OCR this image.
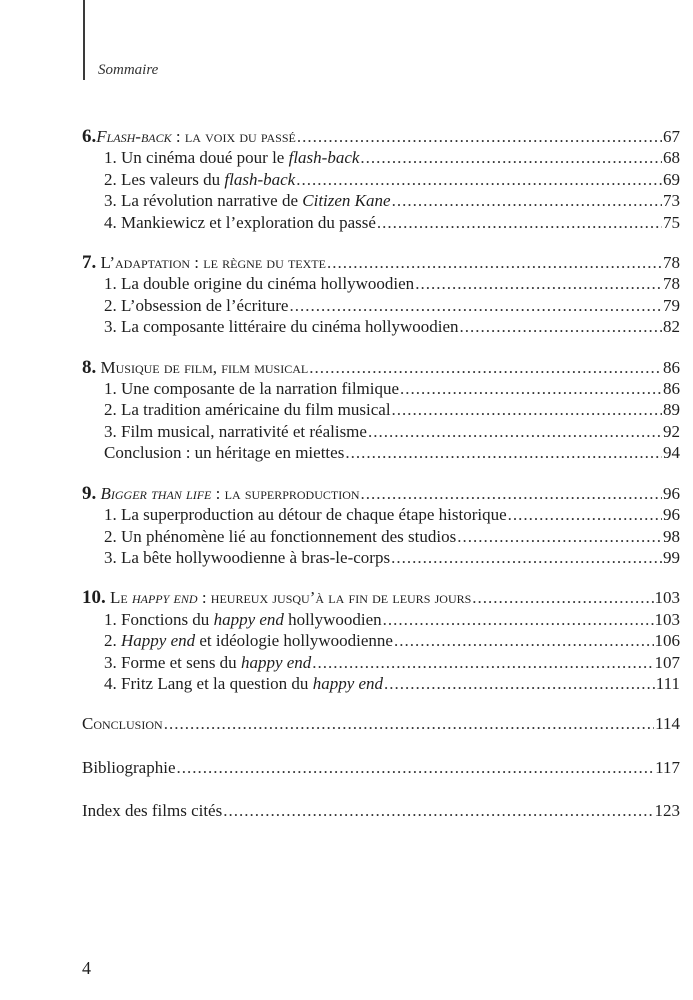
Sommaire
6.Flash-back : la voix du passé .....	67
1. Un cinéma doué pour le flash-back .....	68
2. Les valeurs du flash-back .....	69
3. La révolution narrative de Citizen Kane .....	73
4. Mankiewicz et l’exploration du passé .....	75
7. L’adaptation : le règne du texte .....	78
1. La double origine du cinéma hollywoodien .....	78
2. L’obsession de l’écriture .....	79
3. La composante littéraire du cinéma hollywoodien .....	82
8. Musique de film, film musical .....	86
1. Une composante de la narration filmique .....	86
2. La tradition américaine du film musical .....	89
3. Film musical, narrativité et réalisme .....	92
Conclusion : un héritage en miettes .....	94
9. Bigger than life : la superproduction .....	96
1. La superproduction au détour de chaque étape historique .....	96
2. Un phénomène lié au fonctionnement des studios .....	98
3. La bête hollywoodienne à bras-le-corps .....	99
10. Le happy end : heureux jusqu’à la fin de leurs jours .....	103
1. Fonctions du happy end hollywoodien .....	103
2. Happy end et idéologie hollywoodienne .....	106
3. Forme et sens du happy end .....	107
4. Fritz Lang et la question du happy end .....	111
Conclusion .....	114
Bibliographie .....	117
Index des films cités .....	123
4
